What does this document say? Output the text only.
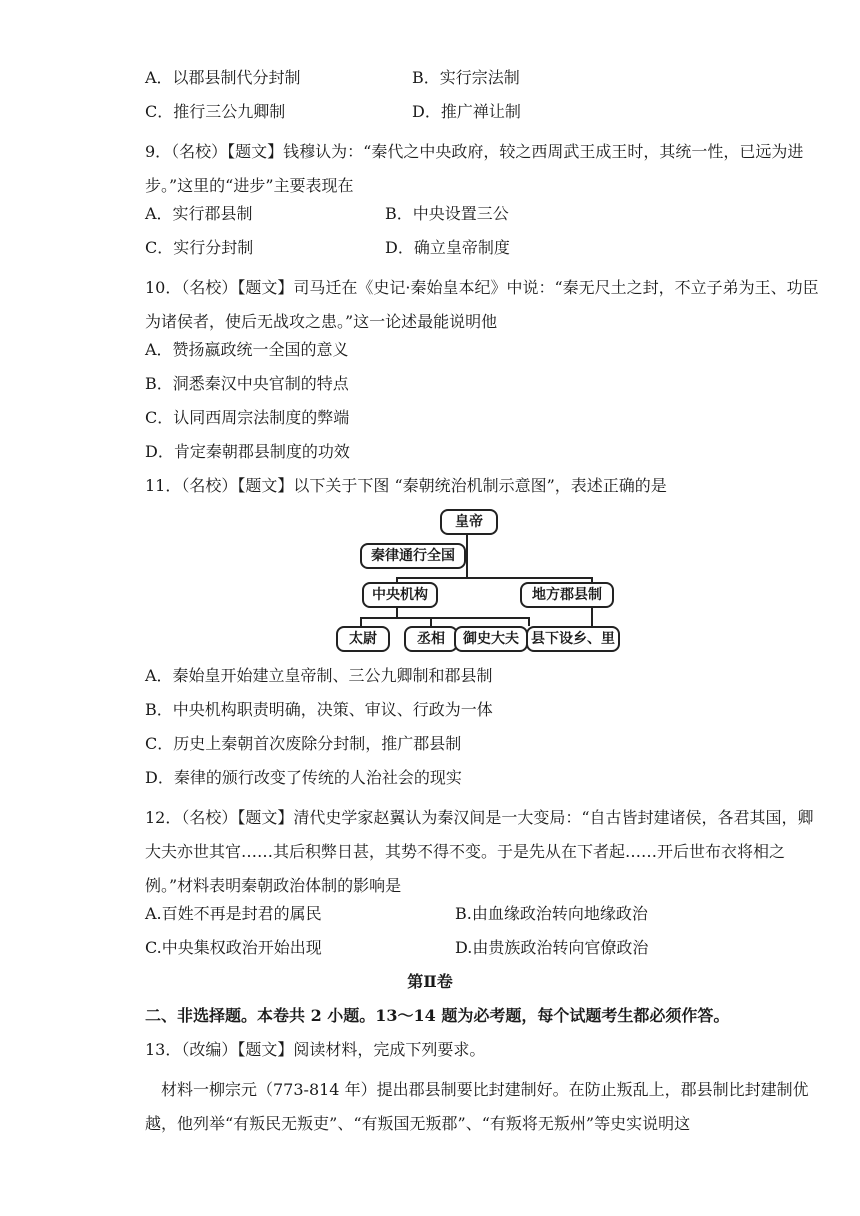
A．以郡县制代分封制	B．实行宗法制
C．推行三公九卿制	D．推广禅让制
9．（名校）【题文】钱穆认为：“秦代之中央政府，较之西周武王成王时，其统一性，已远为进步。”这里的“进步”主要表现在
A．实行郡县制	B．中央设置三公
C．实行分封制	D．确立皇帝制度
10．（名校）【题文】司马迁在《史记·秦始皇本纪》中说：“秦无尺土之封，不立子弟为王、功臣为诸侯者，使后无战攻之患。”这一论述最能说明他
A．赞扬嬴政统一全国的意义
B．洞悉秦汉中央官制的特点
C．认同西周宗法制度的弊端
D．肯定秦朝郡县制度的功效
11．（名校）【题文】以下关于下图 “秦朝统治机制示意图”，表述正确的是
皇帝
秦律通行全国
中央机构	地方郡县制
太尉	丞相	御史大夫 县下设乡、里
A．秦始皇开始建立皇帝制、三公九卿制和郡县制
B．中央机构职责明确，决策、审议、行政为一体
C．历史上秦朝首次废除分封制，推广郡县制
D．秦律的颁行改变了传统的人治社会的现实
12．（名校）【题文】清代史学家赵翼认为秦汉间是一大变局：“自古皆封建诸侯，各君其国，卿大夫亦世其官……其后积弊日甚，其势不得不变。于是先从在下者起……开后世布衣将相之例。”材料表明秦朝政治体制的影响是
A.百姓不再是封君的属民	B.由血缘政治转向地缘政治
C.中央集权政治开始出现	D.由贵族政治转向官僚政治
第Ⅱ卷
二、非选择题。本卷共 2 小题。13～14 题为必考题，每个试题考生都必须作答。
13．（改编）【题文】阅读材料，完成下列要求。
材料一柳宗元（773-814 年）提出郡县制要比封建制好。在防止叛乱上，郡县制比封建制优越，他列举“有叛民无叛吏”、“有叛国无叛郡”、“有叛将无叛州”等史实说明这
